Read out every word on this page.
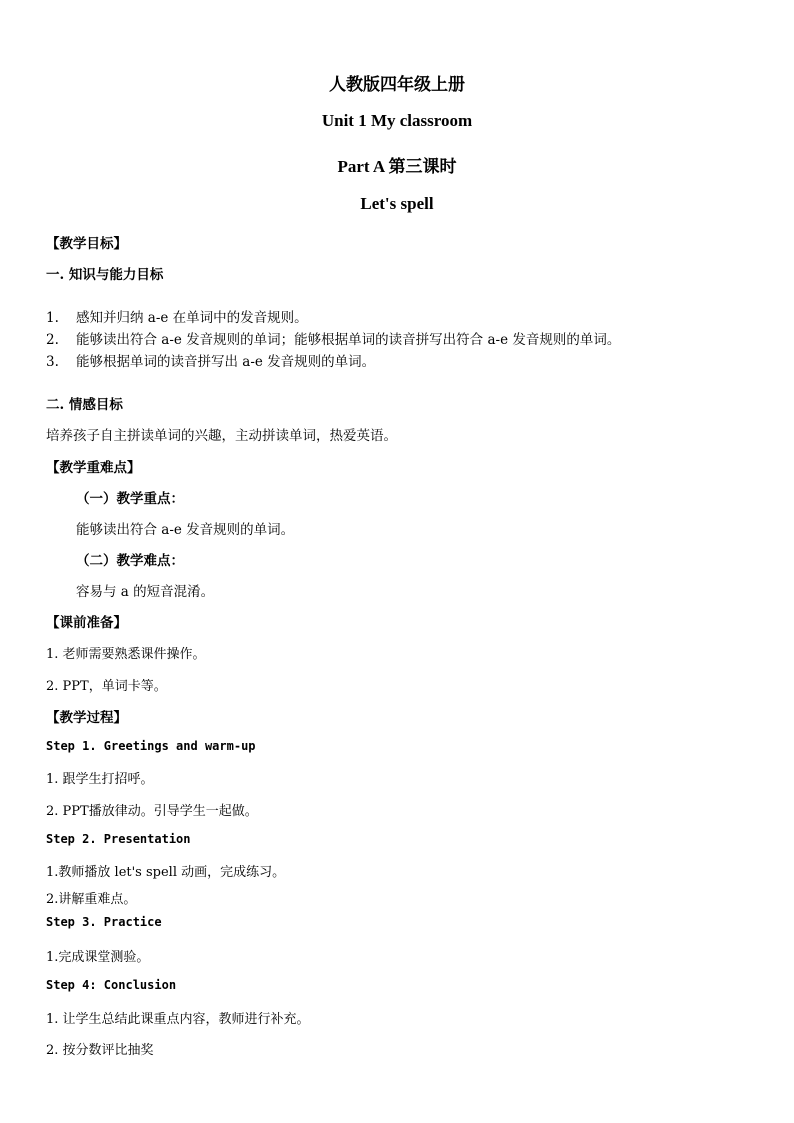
人教版四年级上册
Unit 1 My classroom
Part A 第三课时
Let's spell
【教学目标】
一. 知识与能力目标
1. 感知并归纳 a-e 在单词中的发音规则。
2. 能够读出符合 a-e 发音规则的单词；能够根据单词的读音拼写出符合 a-e 发音规则的单词。
3. 能够根据单词的读音拼写出 a-e 发音规则的单词。
二. 情感目标
培养孩子自主拼读单词的兴趣，主动拼读单词，热爱英语。
【教学重难点】
（一）教学重点：
能够读出符合 a-e 发音规则的单词。
（二）教学难点：
容易与 a 的短音混淆。
【课前准备】
1. 老师需要熟悉课件操作。
2. PPT，单词卡等。
【教学过程】
Step 1. Greetings and warm-up
1. 跟学生打招呼。
2. PPT播放律动。引导学生一起做。
Step 2. Presentation
1.教师播放 let's spell 动画，完成练习。
2.讲解重难点。
Step 3. Practice
1.完成课堂测验。
Step 4: Conclusion
1. 让学生总结此课重点内容，教师进行补充。
2. 按分数评比抽奖
